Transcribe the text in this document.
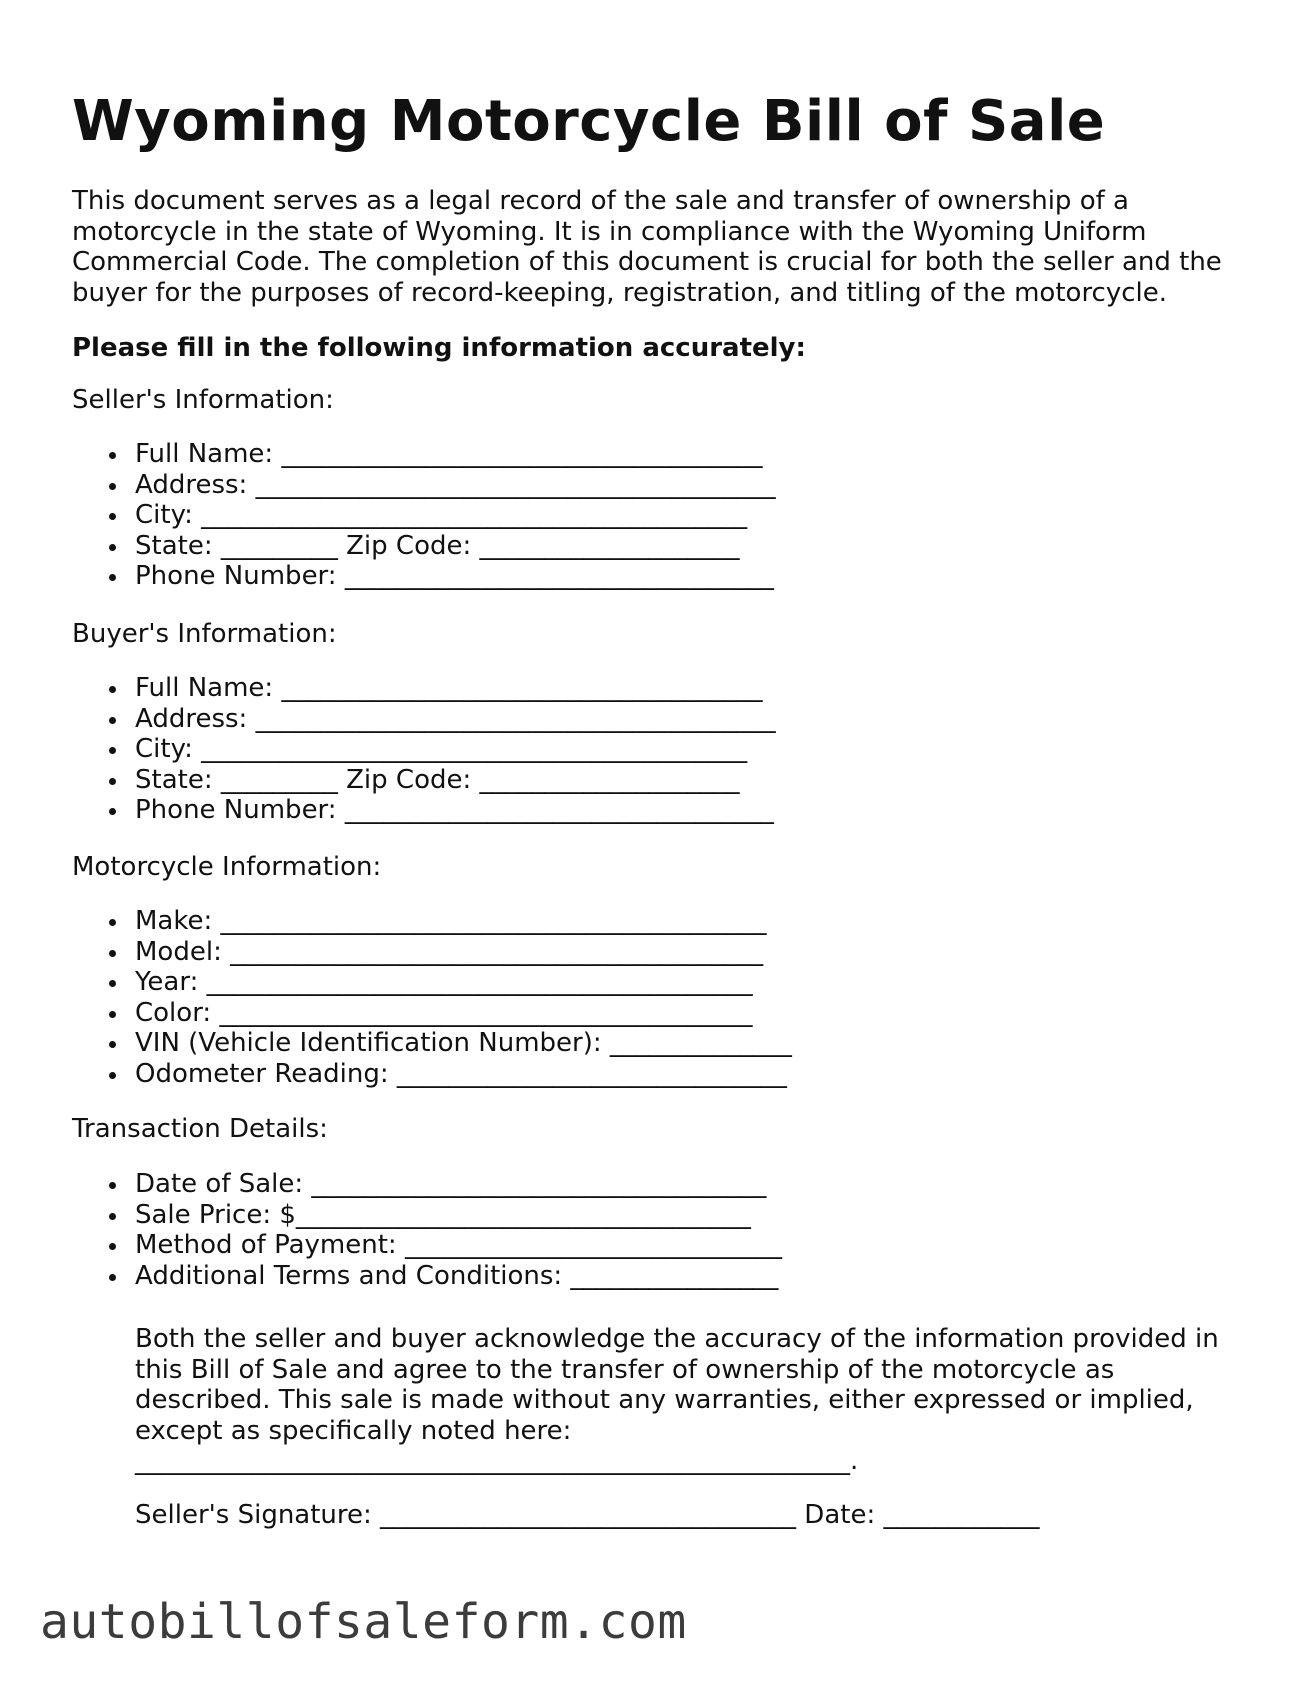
Wyoming Motorcycle Bill of Sale

This document serves as a legal record of the sale and transfer of ownership of a motorcycle in the state of Wyoming. It is in compliance with the Wyoming Uniform Commercial Code. The completion of this document is crucial for both the seller and the buyer for the purposes of record-keeping, registration, and titling of the motorcycle.

Please fill in the following information accurately:

Seller's Information:

Full Name: _____________________________________
Address: ________________________________________
City: __________________________________________
State: _________ Zip Code: ____________________
Phone Number: _________________________________

Buyer's Information:

Full Name: _____________________________________
Address: ________________________________________
City: __________________________________________
State: _________ Zip Code: ____________________
Phone Number: _________________________________

Motorcycle Information:

Make: __________________________________________
Model: _________________________________________
Year: __________________________________________
Color: _________________________________________
VIN (Vehicle Identification Number): ______________
Odometer Reading: ______________________________

Transaction Details:

Date of Sale: ___________________________________
Sale Price: $___________________________________
Method of Payment: _____________________________
Additional Terms and Conditions: ________________

Both the seller and buyer acknowledge the accuracy of the information provided in this Bill of Sale and agree to the transfer of ownership of the motorcycle as described. This sale is made without any warranties, either expressed or implied, except as specifically noted here: _______________________________________________________.

Seller's Signature: ________________________________ Date: ____________

autobillofsaleform.com
